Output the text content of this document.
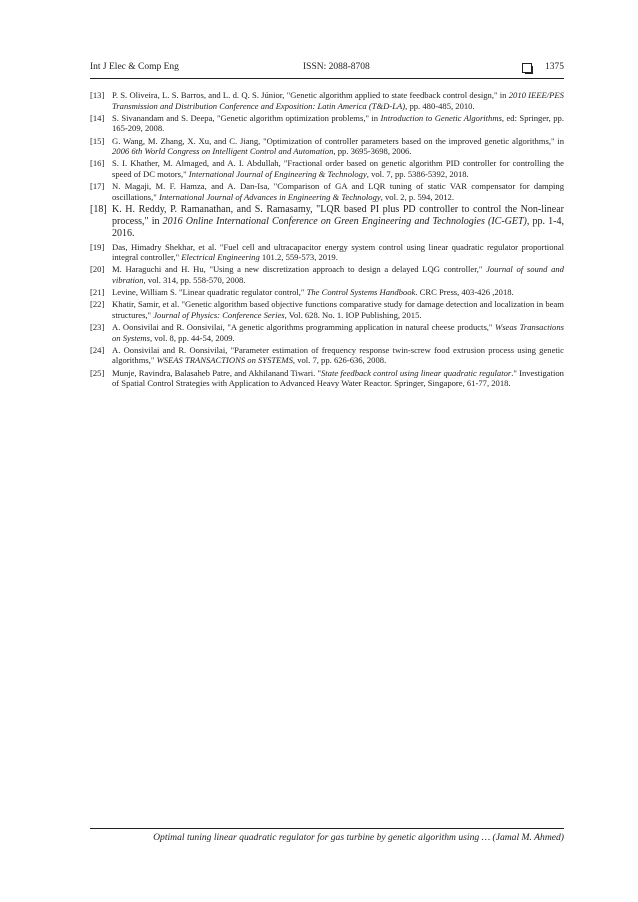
Int J Elec & Comp Eng	ISSN: 2088-8708	1375
[13] P. S. Oliveira, L. S. Barros, and L. d. Q. S. Júnior, "Genetic algorithm applied to state feedback control design," in 2010 IEEE/PES Transmission and Distribution Conference and Exposition: Latin America (T&D-LA), pp. 480-485, 2010.
[14] S. Sivanandam and S. Deepa, "Genetic algorithm optimization problems," in Introduction to Genetic Algorithms, ed: Springer, pp. 165-209, 2008.
[15] G. Wang, M. Zhang, X. Xu, and C. Jiang, "Optimization of controller parameters based on the improved genetic algorithms," in 2006 6th World Congress on Intelligent Control and Automation, pp. 3695-3698, 2006.
[16] S. I. Khather, M. Almaged, and A. I. Abdullah, "Fractional order based on genetic algorithm PID controller for controlling the speed of DC motors," International Journal of Engineering & Technology, vol. 7, pp. 5386-5392, 2018.
[17] N. Magaji, M. F. Hamza, and A. Dan-Isa, "Comparison of GA and LQR tuning of static VAR compensator for damping oscillations," International Journal of Advances in Engineering & Technology, vol. 2, p. 594, 2012.
[18] K. H. Reddy, P. Ramanathan, and S. Ramasamy, "LQR based PI plus PD controller to control the Non-linear process," in 2016 Online International Conference on Green Engineering and Technologies (IC-GET), pp. 1-4, 2016.
[19] Das, Himadry Shekhar, et al. "Fuel cell and ultracapacitor energy system control using linear quadratic regulator proportional integral controller," Electrical Engineering 101.2, 559-573, 2019.
[20] M. Haraguchi and H. Hu, "Using a new discretization approach to design a delayed LQG controller," Journal of sound and vibration, vol. 314, pp. 558-570, 2008.
[21] Levine, William S. "Linear quadratic regulator control," The Control Systems Handbook. CRC Press, 403-426 ,2018.
[22] Khatir, Samir, et al. "Genetic algorithm based objective functions comparative study for damage detection and localization in beam structures," Journal of Physics: Conference Series, Vol. 628. No. 1. IOP Publishing, 2015.
[23] A. Oonsivilai and R. Oonsivilai, "A genetic algorithms programming application in natural cheese products," Wseas Transactions on Systems, vol. 8, pp. 44-54, 2009.
[24] A. Oonsivilai and R. Oonsivilai, "Parameter estimation of frequency response twin-screw food extrusion process using genetic algorithms," WSEAS TRANSACTIONS on SYSTEMS, vol. 7, pp. 626-636, 2008.
[25] Munje, Ravindra, Balasaheb Patre, and Akhilanand Tiwari. "State feedback control using linear quadratic regulator." Investigation of Spatial Control Strategies with Application to Advanced Heavy Water Reactor. Springer, Singapore, 61-77, 2018.
Optimal tuning linear quadratic regulator for gas turbine by genetic algorithm using … (Jamal M. Ahmed)
